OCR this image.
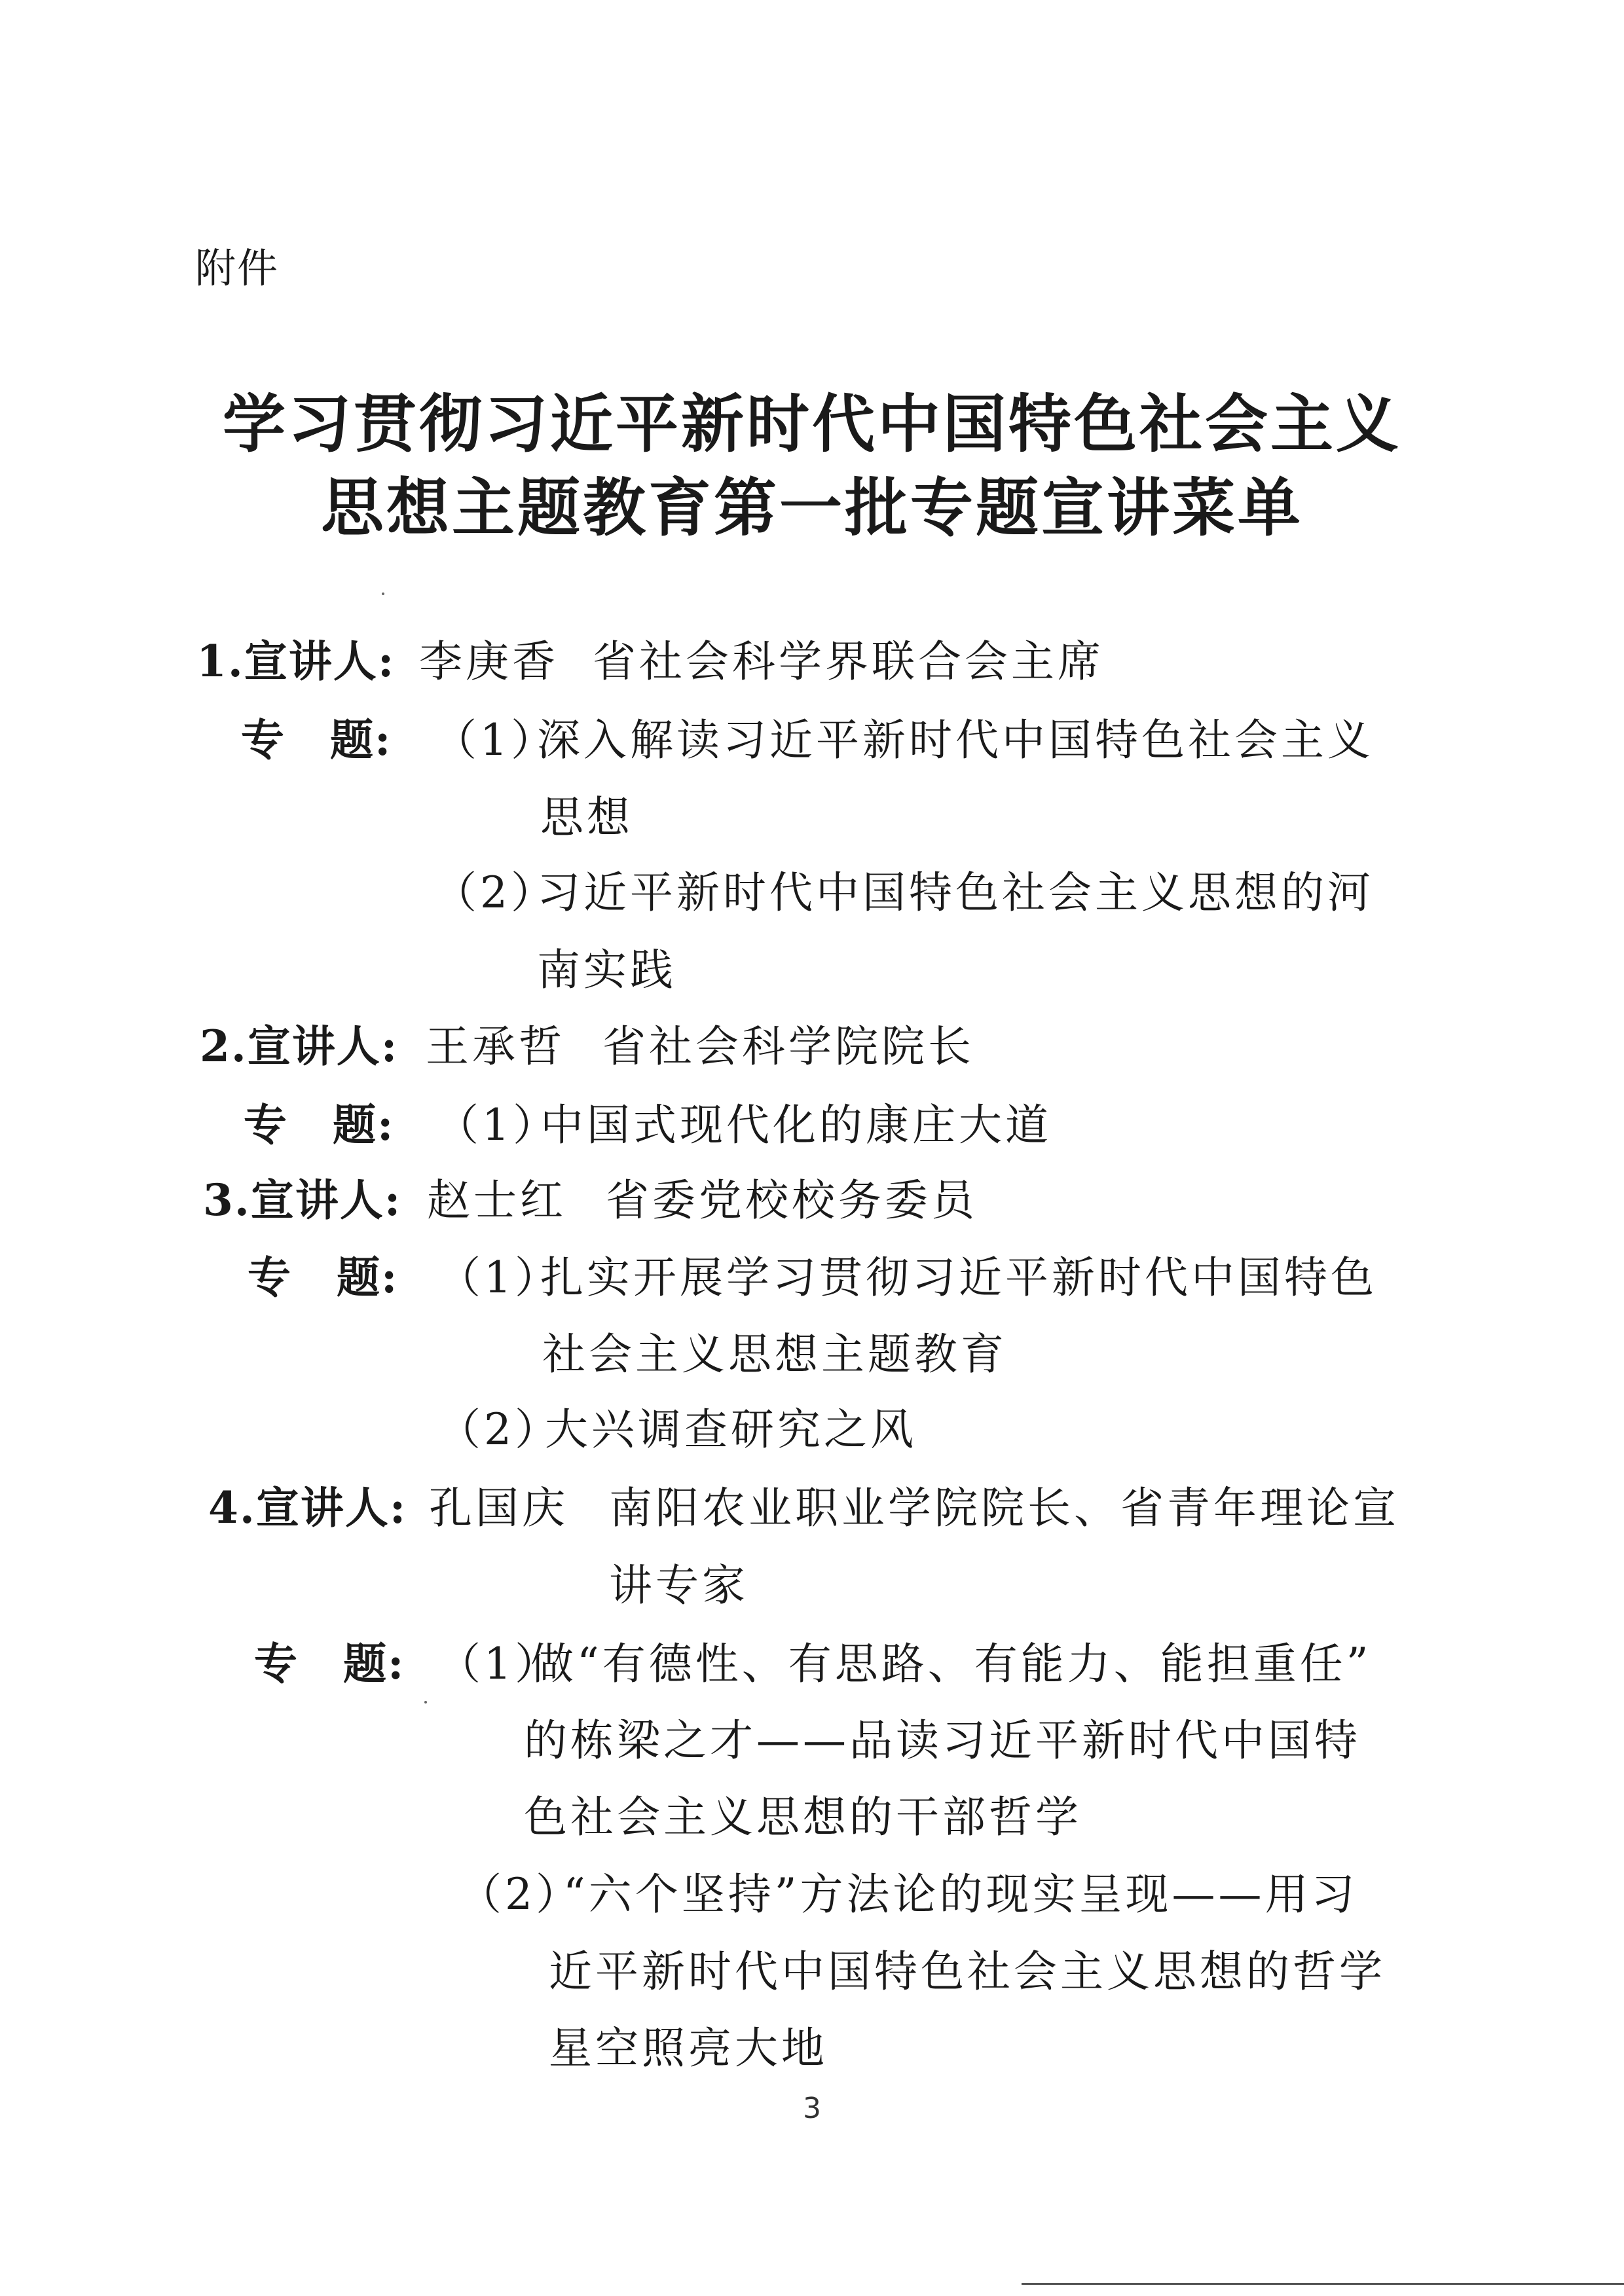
附件
学习贯彻习近平新时代中国特色社会主义
思想主题教育第一批专题宣讲菜单
1.宣讲人: 李庚香 省社会科学界联合会主席
专　题: （1）
深入解读习近平新时代中国特色社会主义
思想
（2）
习近平新时代中国特色社会主义思想的河
南实践
2.宣讲人: 王承哲 省社会科学院院长
专　题: （1）
中国式现代化的康庄大道
3.宣讲人: 赵士红 省委党校校务委员
专　题: （1）
扎实开展学习贯彻习近平新时代中国特色
社会主义思想主题教育
（2）
大兴调查研究之风
4.宣讲人: 孔国庆 南阳农业职业学院院长、省青年理论宣
讲专家
专　题: （1）
做“有德性、有思路、有能力、能担重任”
的栋梁之才——品读习近平新时代中国特
色社会主义思想的干部哲学
（2）
“六个坚持”方法论的现实呈现——用习
近平新时代中国特色社会主义思想的哲学
星空照亮大地
3
